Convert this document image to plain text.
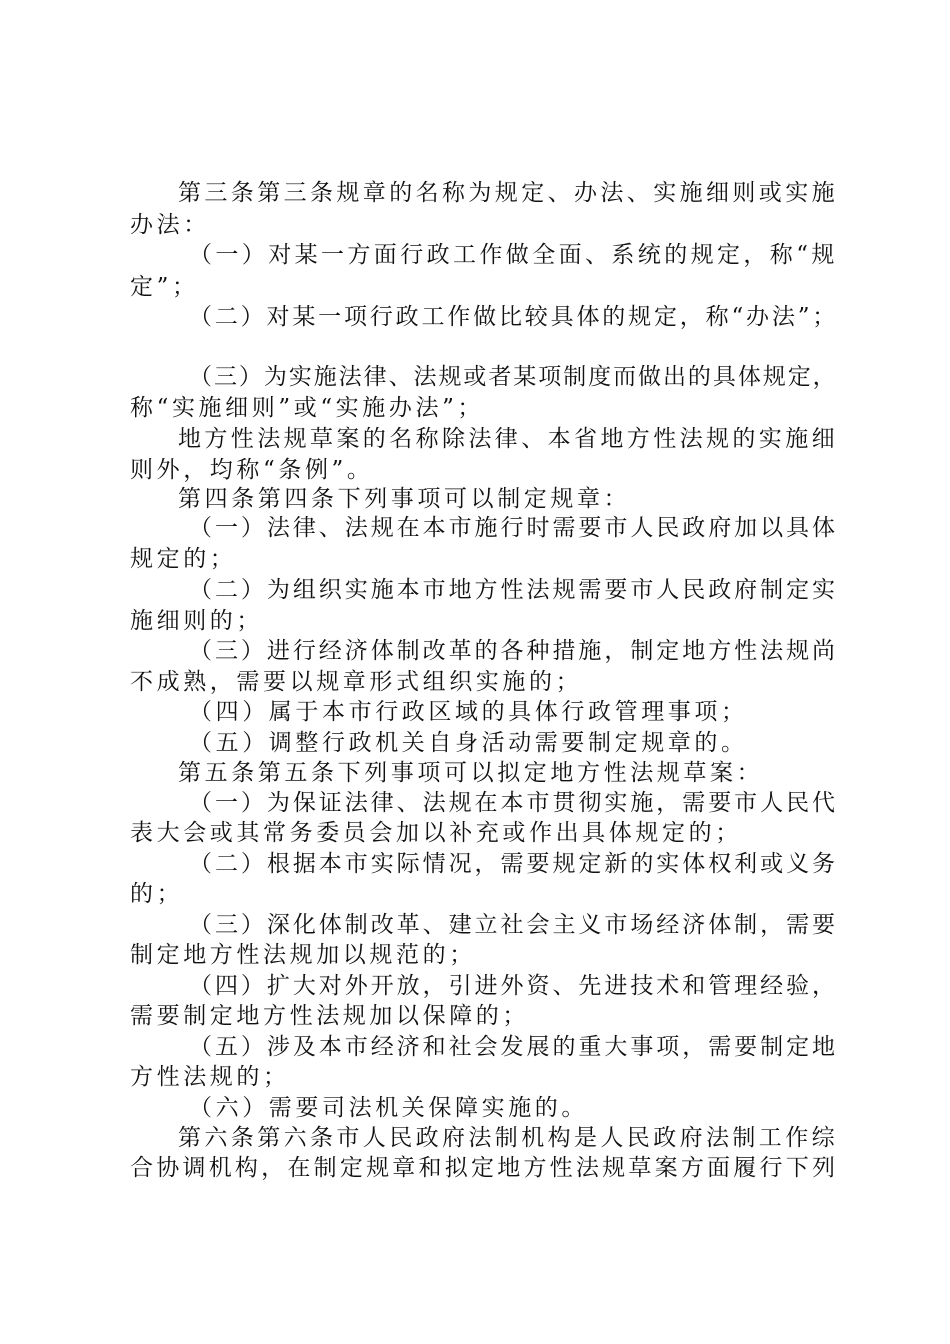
第三条第三条规章的名称为规定、办法、实施细则或实施
办法：
（一）对某一方面行政工作做全面、系统的规定，称“规
定”；
（二）对某一项行政工作做比较具体的规定，称“办法”；
（三）为实施法律、法规或者某项制度而做出的具体规定，
称“实施细则”或“实施办法”；
地方性法规草案的名称除法律、本省地方性法规的实施细
则外，均称“条例”。
第四条第四条下列事项可以制定规章：
（一）法律、法规在本市施行时需要市人民政府加以具体
规定的；
（二）为组织实施本市地方性法规需要市人民政府制定实
施细则的；
（三）进行经济体制改革的各种措施，制定地方性法规尚
不成熟，需要以规章形式组织实施的；
（四）属于本市行政区域的具体行政管理事项；
（五）调整行政机关自身活动需要制定规章的。
第五条第五条下列事项可以拟定地方性法规草案：
（一）为保证法律、法规在本市贯彻实施，需要市人民代
表大会或其常务委员会加以补充或作出具体规定的；
（二）根据本市实际情况，需要规定新的实体权利或义务
的；
（三）深化体制改革、建立社会主义市场经济体制，需要
制定地方性法规加以规范的；
（四）扩大对外开放，引进外资、先进技术和管理经验，
需要制定地方性法规加以保障的；
（五）涉及本市经济和社会发展的重大事项，需要制定地
方性法规的；
（六）需要司法机关保障实施的。
第六条第六条市人民政府法制机构是人民政府法制工作综
合协调机构，在制定规章和拟定地方性法规草案方面履行下列
